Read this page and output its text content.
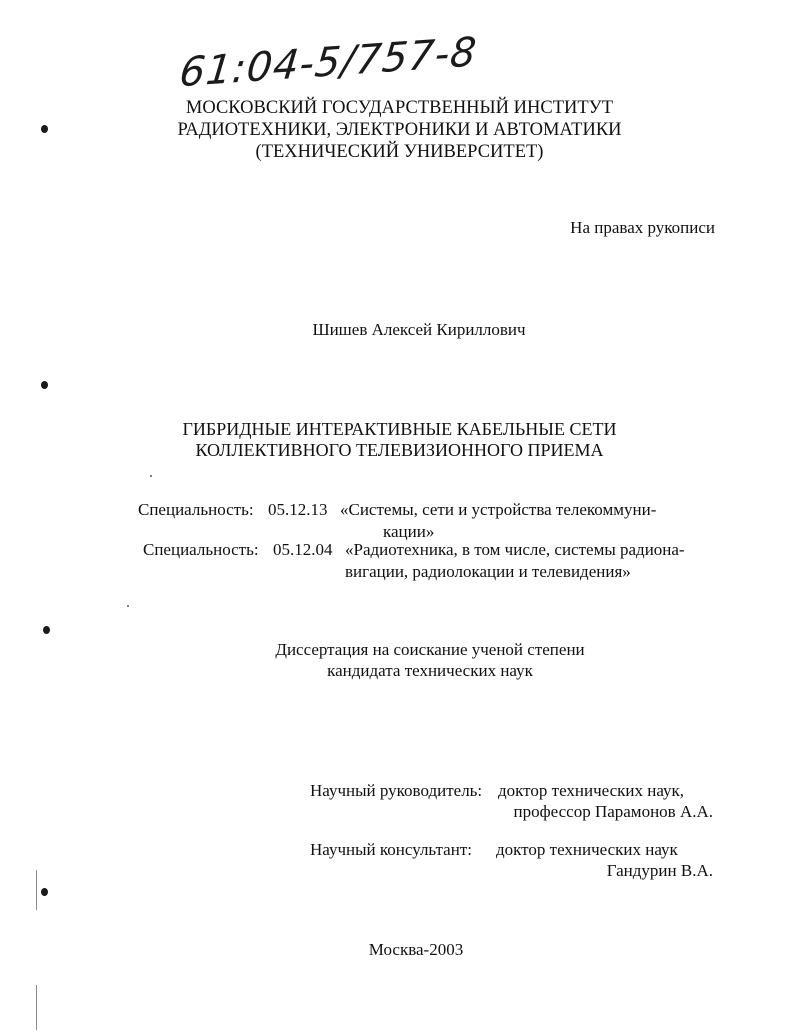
61:04-5/757-8
МОСКОВСКИЙ ГОСУДАРСТВЕННЫЙ ИНСТИТУТ
РАДИОТЕХНИКИ, ЭЛЕКТРОНИКИ И АВТОМАТИКИ
(ТЕХНИЧЕСКИЙ УНИВЕРСИТЕТ)
На правах рукописи
Шишев Алексей Кириллович
ГИБРИДНЫЕ ИНТЕРАКТИВНЫЕ КАБЕЛЬНЫЕ СЕТИ
КОЛЛЕКТИВНОГО ТЕЛЕВИЗИОННОГО ПРИЕМА
Специальность: 05.12.13 «Системы, сети и устройства телекоммуни-
кации»
Специальность: 05.12.04 «Радиотехника, в том числе, системы радиона-
вигации, радиолокации и телевидения»
Диссертация на соискание ученой степени
кандидата технических наук
Научный руководитель: доктор технических наук,
профессор Парамонов А.А.
Научный консультант: доктор технических наук
Гандурин В.А.
Москва-2003
